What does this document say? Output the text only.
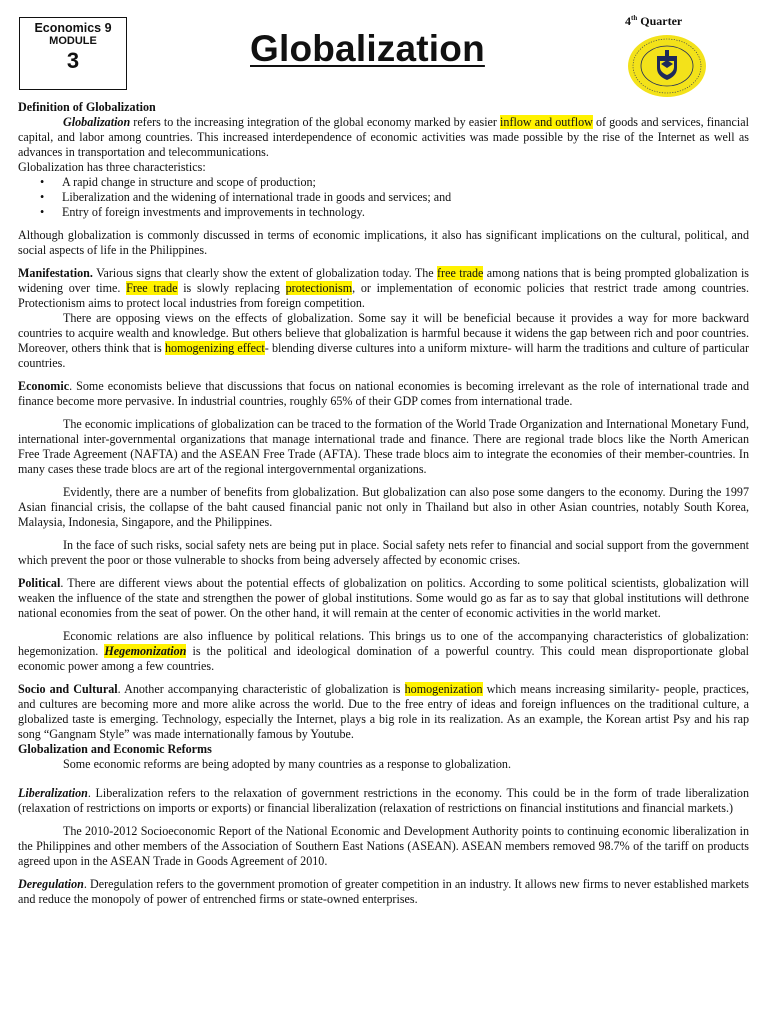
Economics 9
MODULE
3	Globalization
4th Quarter

Definition of Globalization

Globalization refers to the increasing integration of the global economy marked by easier inflow and outflow of goods and services, financial capital, and labor among countries. This increased interdependence of economic activities was made possible by the rise of the Internet as well as advances in transportation and telecommunications.

Globalization has three characteristics:

• A rapid change in structure and scope of production;
• Liberalization and the widening of international trade in goods and services; and
• Entry of foreign investments and improvements in technology.

Although globalization is commonly discussed in terms of economic implications, it also has significant implications on the cultural, political, and social aspects of life in the Philippines.

Manifestation. Various signs that clearly show the extent of globalization today. The free trade among nations that is being prompted globalization is widening over time. Free trade is slowly replacing protectionism, or implementation of economic policies that restrict trade among countries. Protectionism aims to protect local industries from foreign competition.

There are opposing views on the effects of globalization. Some say it will be beneficial because it provides a way for more backward countries to acquire wealth and knowledge. But others believe that globalization is harmful because it widens the gap between rich and poor countries. Moreover, others think that is homogenizing effect- blending diverse cultures into a uniform mixture- will harm the traditions and culture of particular countries.

Economic. Some economists believe that discussions that focus on national economies is becoming irrelevant as the role of international trade and finance become more pervasive. In industrial countries, roughly 65% of their GDP comes from international trade.

The economic implications of globalization can be traced to the formation of the World Trade Organization and International Monetary Fund, international inter-governmental organizations that manage international trade and finance. There are regional trade blocs like the North American Free Trade Agreement (NAFTA) and the ASEAN Free Trade (AFTA). These trade blocs aim to integrate the economies of their member-countries. In many cases these trade blocs are art of the regional intergovernmental organizations.

Evidently, there are a number of benefits from globalization. But globalization can also pose some dangers to the economy. During the 1997 Asian financial crisis, the collapse of the baht caused financial panic not only in Thailand but also in other Asian countries, notably South Korea, Malaysia, Indonesia, Singapore, and the Philippines.

In the face of such risks, social safety nets are being put in place. Social safety nets refer to financial and social support from the government which prevent the poor or those vulnerable to shocks from being adversely affected by economic crises.

Political. There are different views about the potential effects of globalization on politics. According to some political scientists, globalization will weaken the influence of the state and strengthen the power of global institutions. Some would go as far as to say that global institutions will dethrone national economies from the seat of power. On the other hand, it will remain at the center of economic activities in the world market.

Economic relations are also influence by political relations. This brings us to one of the accompanying characteristics of globalization: hegemonization. Hegemonization is the political and ideological domination of a powerful country. This could mean disproportionate global economic power among a few countries.

Socio and Cultural. Another accompanying characteristic of globalization is homogenization which means increasing similarity- people, practices, and cultures are becoming more and more alike across the world. Due to the free entry of ideas and foreign influences on the traditional culture, a globalized taste is emerging. Technology, especially the Internet, plays a big role in its realization. As an example, the Korean artist Psy and his rap song “Gangnam Style” was made internationally famous by Youtube.

Globalization and Economic Reforms

Some economic reforms are being adopted by many countries as a response to globalization.

Liberalization. Liberalization refers to the relaxation of government restrictions in the economy. This could be in the form of trade liberalization (relaxation of restrictions on imports or exports) or financial liberalization (relaxation of restrictions on financial institutions and financial markets.)

The 2010-2012 Socioeconomic Report of the National Economic and Development Authority points to continuing economic liberalization in the Philippines and other members of the Association of Southern East Nations (ASEAN). ASEAN members removed 98.7% of the tariff on products agreed upon in the ASEAN Trade in Goods Agreement of 2010.

Deregulation. Deregulation refers to the government promotion of greater competition in an industry. It allows new firms to never established markets and reduce the monopoly of power of entrenched firms or state-owned enterprises.
